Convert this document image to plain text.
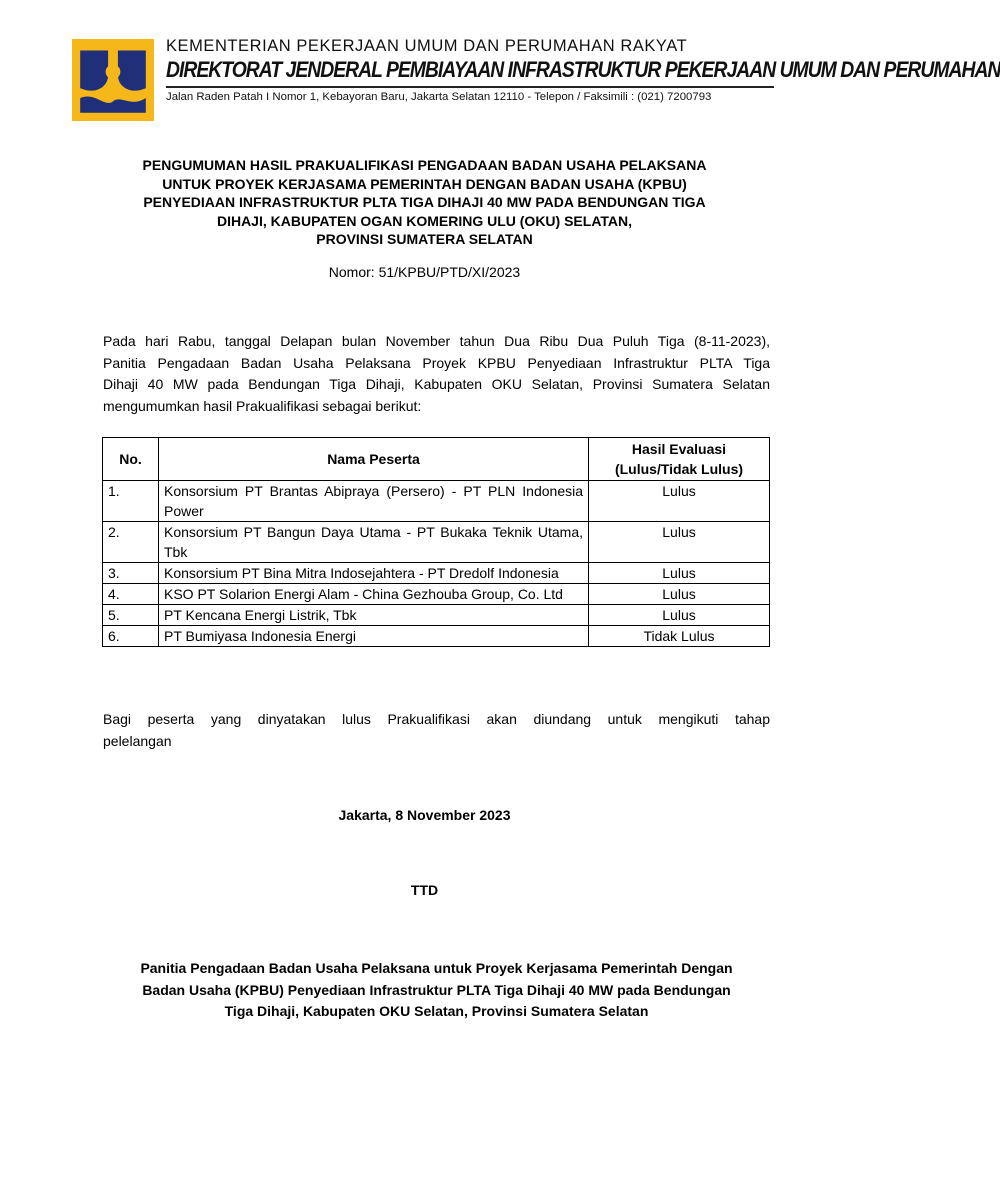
KEMENTERIAN PEKERJAAN UMUM DAN PERUMAHAN RAKYAT
DIREKTORAT JENDERAL PEMBIAYAAN INFRASTRUKTUR PEKERJAAN UMUM DAN PERUMAHAN
Jalan Raden Patah I Nomor 1, Kebayoran Baru, Jakarta Selatan 12110 - Telepon / Faksimili : (021) 7200793
PENGUMUMAN HASIL PRAKUALIFIKASI PENGADAAN BADAN USAHA PELAKSANA
UNTUK PROYEK KERJASAMA PEMERINTAH DENGAN BADAN USAHA (KPBU)
PENYEDIAAN INFRASTRUKTUR PLTA TIGA DIHAJI 40 MW PADA BENDUNGAN TIGA
DIHAJI, KABUPATEN OGAN KOMERING ULU (OKU) SELATAN,
PROVINSI SUMATERA SELATAN
Nomor: 51/KPBU/PTD/XI/2023
Pada hari Rabu, tanggal Delapan bulan November tahun Dua Ribu Dua Puluh Tiga (8-11-2023),
Panitia Pengadaan Badan Usaha Pelaksana Proyek KPBU Penyediaan Infrastruktur PLTA Tiga
Dihaji 40 MW pada Bendungan Tiga Dihaji, Kabupaten OKU Selatan, Provinsi Sumatera Selatan
mengumumkan hasil Prakualifikasi sebagai berikut:
No.	Nama Peserta	Hasil Evaluasi
(Lulus/Tidak Lulus)

1.	Konsorsium PT Brantas Abipraya (Persero) - PT PLN Indonesia Power	Lulus
2.	Konsorsium PT Bangun Daya Utama - PT Bukaka Teknik Utama, Tbk	Lulus
3.	Konsorsium PT Bina Mitra Indosejahtera - PT Dredolf Indonesia	Lulus
4.	KSO PT Solarion Energi Alam - China Gezhouba Group, Co. Ltd	Lulus
5.	PT Kencana Energi Listrik, Tbk	Lulus
6.	PT Bumiyasa Indonesia Energi	Tidak Lulus
Bagi peserta yang dinyatakan lulus Prakualifikasi akan diundang untuk mengikuti tahap
pelelangan
Jakarta, 8 November 2023
TTD
Panitia Pengadaan Badan Usaha Pelaksana untuk Proyek Kerjasama Pemerintah Dengan
Badan Usaha (KPBU) Penyediaan Infrastruktur PLTA Tiga Dihaji 40 MW pada Bendungan
Tiga Dihaji, Kabupaten OKU Selatan, Provinsi Sumatera Selatan
